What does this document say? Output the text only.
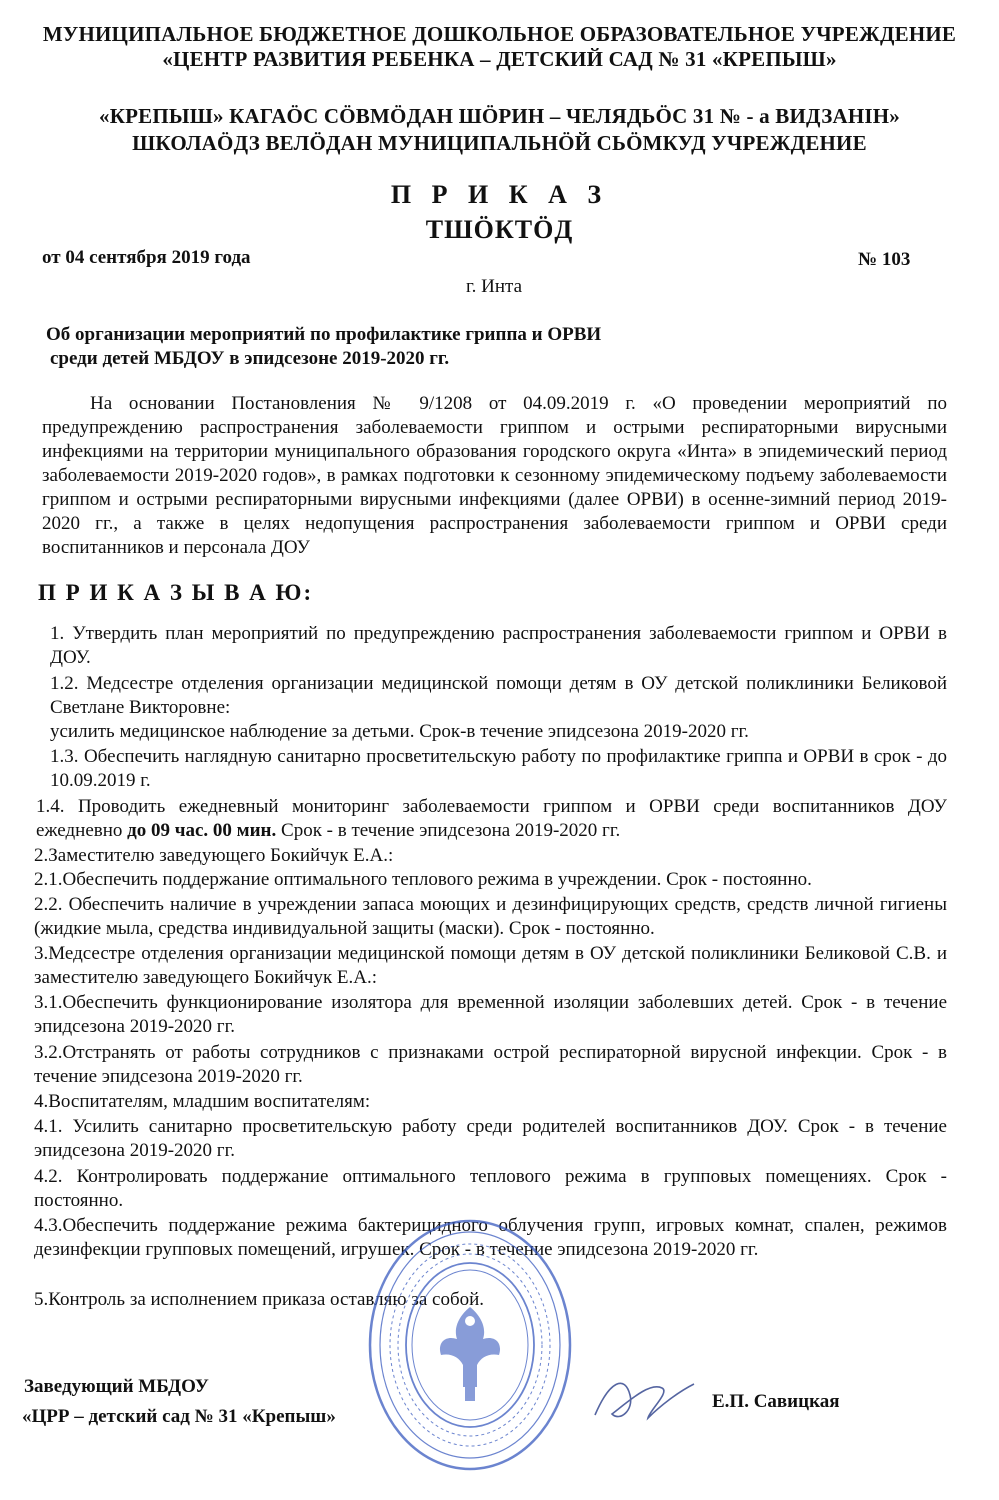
МУНИЦИПАЛЬНОЕ БЮДЖЕТНОЕ ДОШКОЛЬНОЕ ОБРАЗОВАТЕЛЬНОЕ УЧРЕЖДЕНИЕ
«ЦЕНТР РАЗВИТИЯ РЕБЕНКА – ДЕТСКИЙ САД № 31 «КРЕПЫШ»
«КРЕПЫШ» КАГАÖС СÖВМÖДАН ШÖРИН – ЧЕЛЯДЬÖС 31 № - а ВИДЗАНIН»
ШКОЛАÖДЗ ВЕЛÖДАН МУНИЦИПАЛЬНÖЙ СЬÖМКУД УЧРЕЖДЕНИЕ
П Р И К А З
ТШÖКТÖД
от 04 сентября 2019 года	№ 103
г. Инта
Об организации мероприятий по профилактике гриппа и ОРВИ
среди детей МБДОУ в эпидсезоне 2019-2020 гг.
На основании Постановления № 9/1208 от 04.09.2019 г. «О проведении мероприятий по предупреждению распространения заболеваемости гриппом и острыми респираторными вирусными инфекциями на территории муниципального образования городского округа «Инта» в эпидемический период заболеваемости 2019-2020 годов», в рамках подготовки к сезонному эпидемическому подъему заболеваемости гриппом и острыми респираторными вирусными инфекциями (далее ОРВИ) в осенне-зимний период 2019-2020 гг., а также в целях недопущения распространения заболеваемости гриппом и ОРВИ среди воспитанников и персонала ДОУ
П Р И К А З Ы В А Ю:
1. Утвердить план мероприятий по предупреждению распространения заболеваемости гриппом и ОРВИ в ДОУ.
1.2. Медсестре отделения организации медицинской помощи детям в ОУ детской поликлиники Беликовой Светлане Викторовне:
усилить медицинское наблюдение за детьми. Срок-в течение эпидсезона 2019-2020 гг.
1.3. Обеспечить наглядную санитарно просветительскую работу по профилактике гриппа и ОРВИ в срок - до 10.09.2019 г.
1.4. Проводить ежедневный мониторинг заболеваемости гриппом и ОРВИ среди воспитанников ДОУ ежедневно до 09 час. 00 мин. Срок - в течение эпидсезона 2019-2020 гг.
2.Заместителю заведующего Бокийчук Е.А.:
2.1.Обеспечить поддержание оптимального теплового режима в учреждении. Срок - постоянно.
2.2. Обеспечить наличие в учреждении запаса моющих и дезинфицирующих средств, средств личной гигиены (жидкие мыла, средства индивидуальной защиты (маски). Срок - постоянно.
3.Медсестре отделения организации медицинской помощи детям в ОУ детской поликлиники Беликовой С.В. и заместителю заведующего Бокийчук Е.А.:
3.1.Обеспечить функционирование изолятора для временной изоляции заболевших детей. Срок - в течение эпидсезона 2019-2020 гг.
3.2.Отстранять от работы сотрудников с признаками острой респираторной вирусной инфекции. Срок - в течение эпидсезона 2019-2020 гг.
4.Воспитателям, младшим воспитателям:
4.1. Усилить санитарно просветительскую работу среди родителей воспитанников ДОУ. Срок - в течение эпидсезона 2019-2020 гг.
4.2. Контролировать поддержание оптимального теплового режима в групповых помещениях. Срок - постоянно.
4.3.Обеспечить поддержание режима бактерицидного облучения групп, игровых комнат, спален, режимов дезинфекции групповых помещений, игрушек. Срок - в течение эпидсезона 2019-2020 гг.
5.Контроль за исполнением приказа оставляю за собой.
Заведующий МБДОУ
«ЦРР – детский сад № 31 «Крепыш»
Е.П. Савицкая
